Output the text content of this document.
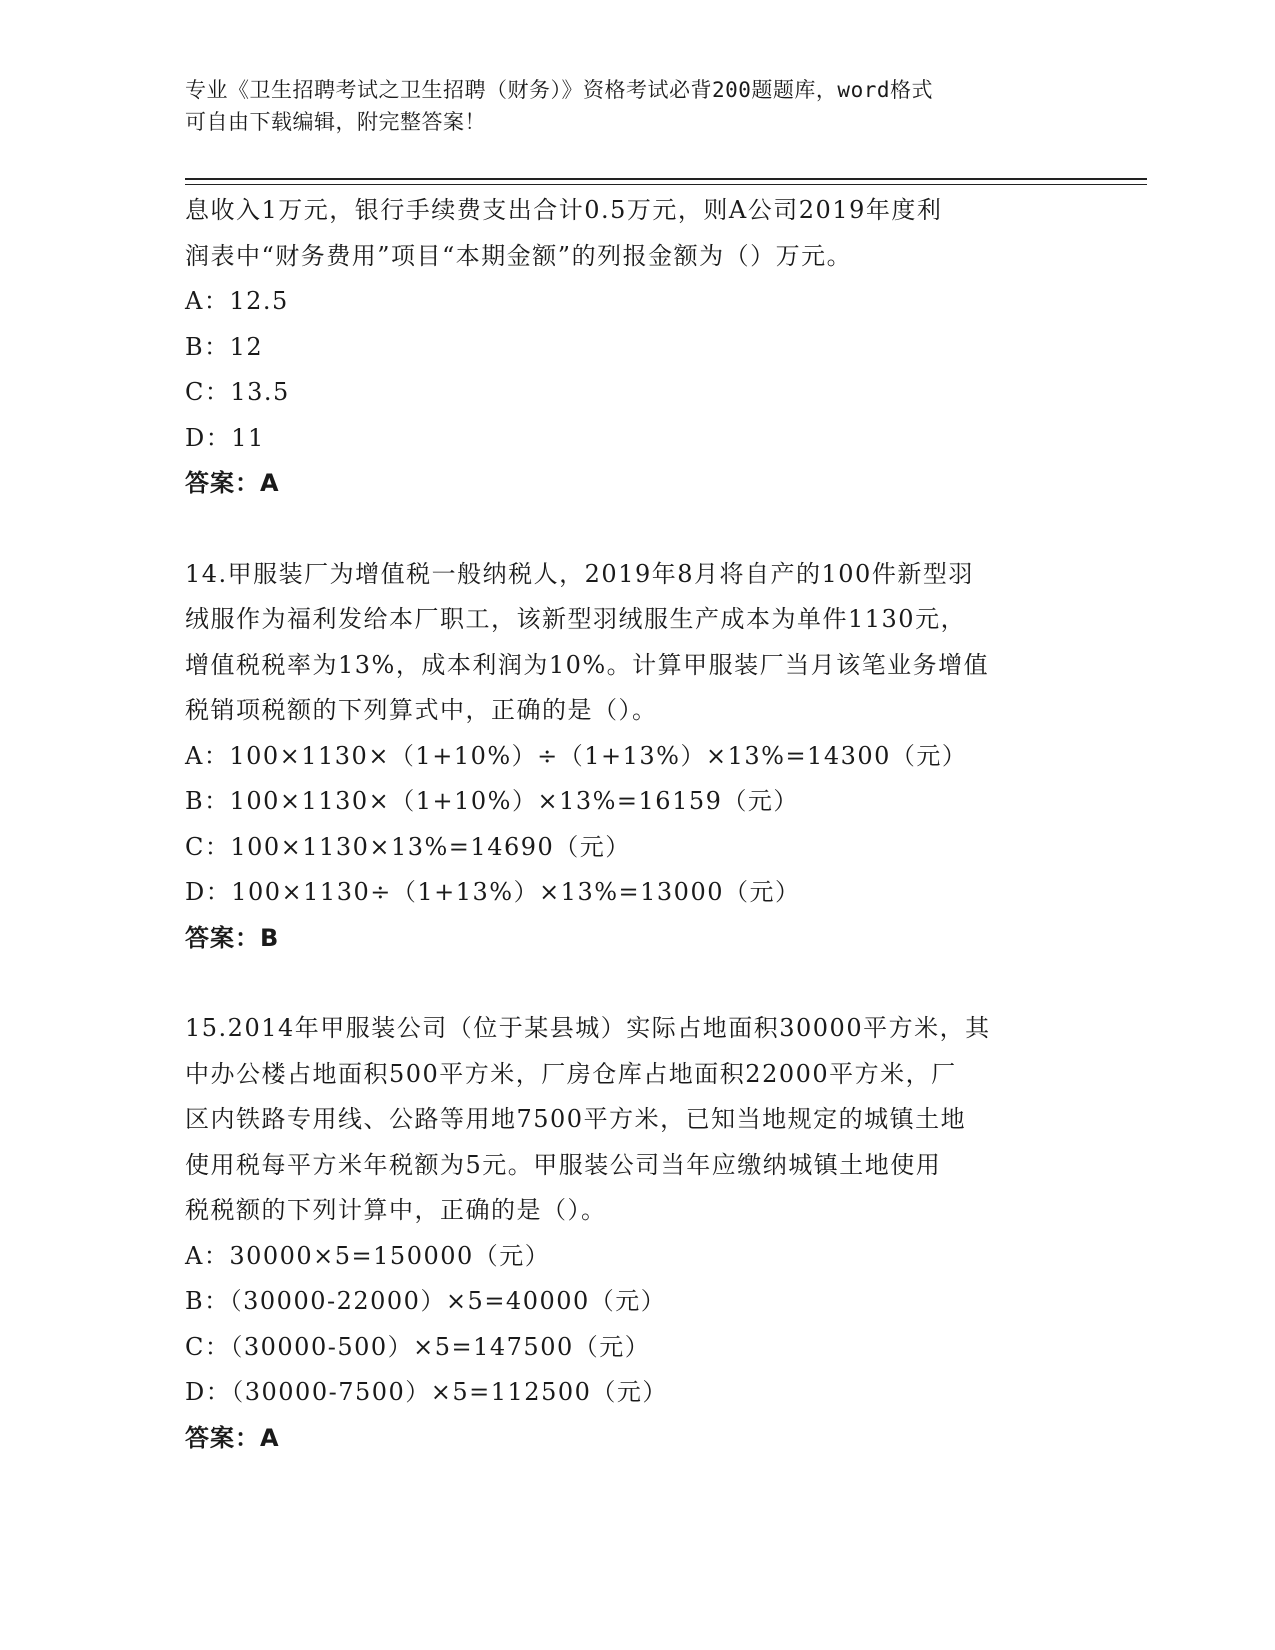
专业《卫生招聘考试之卫生招聘（财务）》资格考试必背200题题库，word格式
可自由下载编辑，附完整答案！
息收入1万元，银行手续费支出合计0.5万元，则A公司2019年度利
润表中“财务费用”项目“本期金额”的列报金额为（）万元。
A：12.5
B：12
C：13.5
D：11
答案：A
14.甲服装厂为增值税一般纳税人，2019年8月将自产的100件新型羽
绒服作为福利发给本厂职工，该新型羽绒服生产成本为单件1130元，
增值税税率为13%，成本利润为10%。计算甲服装厂当月该笔业务增值
税销项税额的下列算式中，正确的是（）。
A：100×1130×（1+10%）÷（1+13%）×13%=14300（元）
B：100×1130×（1+10%）×13%=16159（元）
C：100×1130×13%=14690（元）
D：100×1130÷（1+13%）×13%=13000（元）
答案：B
15.2014年甲服装公司（位于某县城）实际占地面积30000平方米，其
中办公楼占地面积500平方米，厂房仓库占地面积22000平方米，厂
区内铁路专用线、公路等用地7500平方米，已知当地规定的城镇土地
使用税每平方米年税额为5元。甲服装公司当年应缴纳城镇土地使用
税税额的下列计算中，正确的是（）。
A：30000×5=150000（元）
B：（30000-22000）×5=40000（元）
C：（30000-500）×5=147500（元）
D：（30000-7500）×5=112500（元）
答案：A
